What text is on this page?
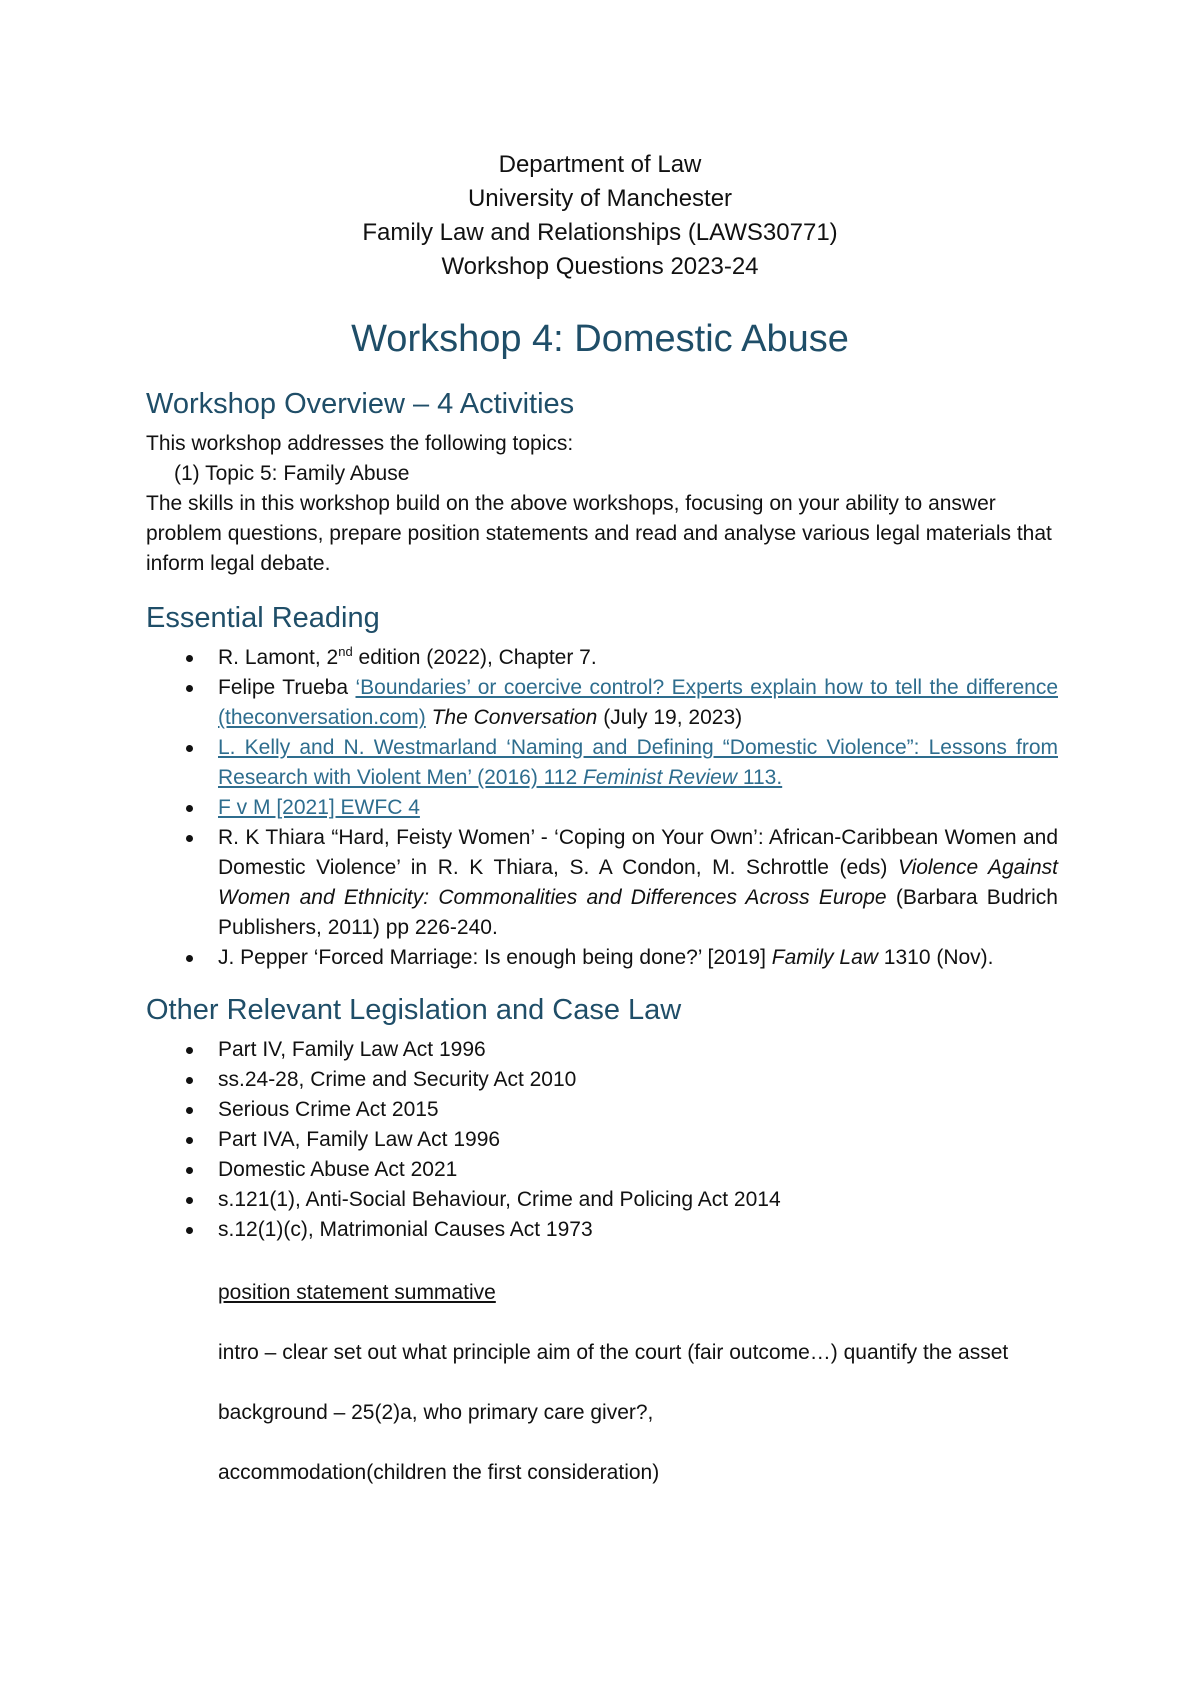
Department of Law
University of Manchester
Family Law and Relationships (LAWS30771)
Workshop Questions 2023-24
Workshop 4: Domestic Abuse
Workshop Overview – 4 Activities
This workshop addresses the following topics:
(1) Topic 5: Family Abuse
The skills in this workshop build on the above workshops, focusing on your ability to answer problem questions, prepare position statements and read and analyse various legal materials that inform legal debate.
Essential Reading
R. Lamont, 2nd edition (2022), Chapter 7.
Felipe Trueba ‘Boundaries’ or coercive control? Experts explain how to tell the difference (theconversation.com) The Conversation (July 19, 2023)
L. Kelly and N. Westmarland ‘Naming and Defining “Domestic Violence”: Lessons from Research with Violent Men’ (2016) 112 Feminist Review 113.
F v M [2021] EWFC 4
R. K Thiara “Hard, Feisty Women’ - ‘Coping on Your Own’: African-Caribbean Women and Domestic Violence’ in R. K Thiara, S. A Condon, M. Schrottle (eds) Violence Against Women and Ethnicity: Commonalities and Differences Across Europe (Barbara Budrich Publishers, 2011) pp 226-240.
J. Pepper ‘Forced Marriage: Is enough being done?’ [2019] Family Law 1310 (Nov).
Other Relevant Legislation and Case Law
Part IV, Family Law Act 1996
ss.24-28, Crime and Security Act 2010
Serious Crime Act 2015
Part IVA, Family Law Act 1996
Domestic Abuse Act 2021
s.121(1), Anti-Social Behaviour, Crime and Policing Act 2014
s.12(1)(c), Matrimonial Causes Act 1973

position statement summative

intro – clear set out what principle aim of the court (fair outcome…) quantify the asset

background – 25(2)a, who primary care giver?,

accommodation(children the first consideration)
